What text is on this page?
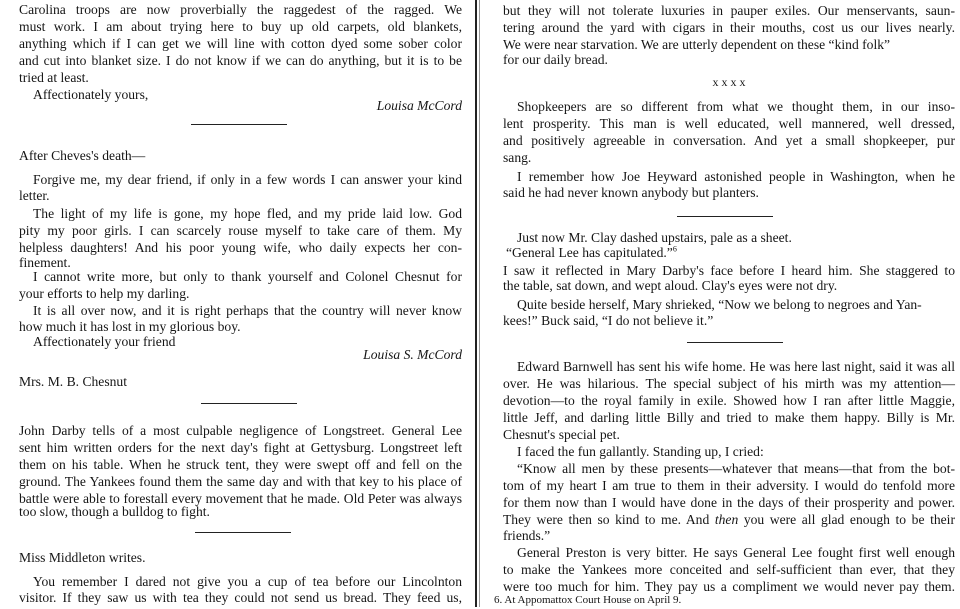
Carolina troops are now proverbially the raggedest of the ragged. We
must work. I am about trying here to buy up old carpets, old blankets,
anything which if I can get we will line with cotton dyed some sober color
and cut into blanket size. I do not know if we can do anything, but it is to be
tried at least.
Affectionately yours,
Louisa McCord
After Cheves's death—
Forgive me, my dear friend, if only in a few words I can answer your kind
letter.
The light of my life is gone, my hope fled, and my pride laid low. God
pity my poor girls. I can scarcely rouse myself to take care of them. My
helpless daughters! And his poor young wife, who daily expects her con-
finement.
I cannot write more, but only to thank yourself and Colonel Chesnut for
your efforts to help my darling.
It is all over now, and it is right perhaps that the country will never know
how much it has lost in my glorious boy.
Affectionately your friend
Louisa S. McCord
Mrs. M. B. Chesnut
John Darby tells of a most culpable negligence of Longstreet. General Lee
sent him written orders for the next day's fight at Gettysburg. Longstreet left
them on his table. When he struck tent, they were swept off and fell on the
ground. The Yankees found them the same day and with that key to his place of
battle were able to forestall every movement that he made. Old Peter was always
too slow, though a bulldog to fight.
Miss Middleton writes.
You remember I dared not give you a cup of tea before our Lincolnton
visitor. If they saw us with tea they could not send us bread. They feed us,
but they will not tolerate luxuries in pauper exiles. Our menservants, saun-
tering around the yard with cigars in their mouths, cost us our lives nearly.
We were near starvation. We are utterly dependent on these “kind folk”
for our daily bread.
x x x x
Shopkeepers are so different from what we thought them, in our inso-
lent prosperity. This man is well educated, well mannered, well dressed,
and positively agreeable in conversation. And yet a small shopkeeper, pur
sang.
I remember how Joe Heyward astonished people in Washington, when he
said he had never known anybody but planters.
Just now Mr. Clay dashed upstairs, pale as a sheet.
“General Lee has capitulated.”$^6$
I saw it reflected in Mary Darby's face before I heard him. She staggered to
the table, sat down, and wept aloud. Clay's eyes were not dry.
Quite beside herself, Mary shrieked, “Now we belong to negroes and Yan-
kees!” Buck said, “I do not believe it.”
Edward Barnwell has sent his wife home. He was here last night, said it was all
over. He was hilarious. The special subject of his mirth was my attention—
devotion—to the royal family in exile. Showed how I ran after little Maggie,
little Jeff, and darling little Billy and tried to make them happy. Billy is Mr.
Chesnut's special pet.
I faced the fun gallantly. Standing up, I cried:
“Know all men by these presents—whatever that means—that from the bot-
tom of my heart I am true to them in their adversity. I would do tenfold more
for them now than I would have done in the days of their prosperity and power.
They were then so kind to me. And then you were all glad enough to be their
friends.”
General Preston is very bitter. He says General Lee fought first well enough
to make the Yankees more conceited and self-sufficient than ever, that they
were too much for him. They pay us a compliment we would never pay them.
6. At Appomattox Court House on April 9.
